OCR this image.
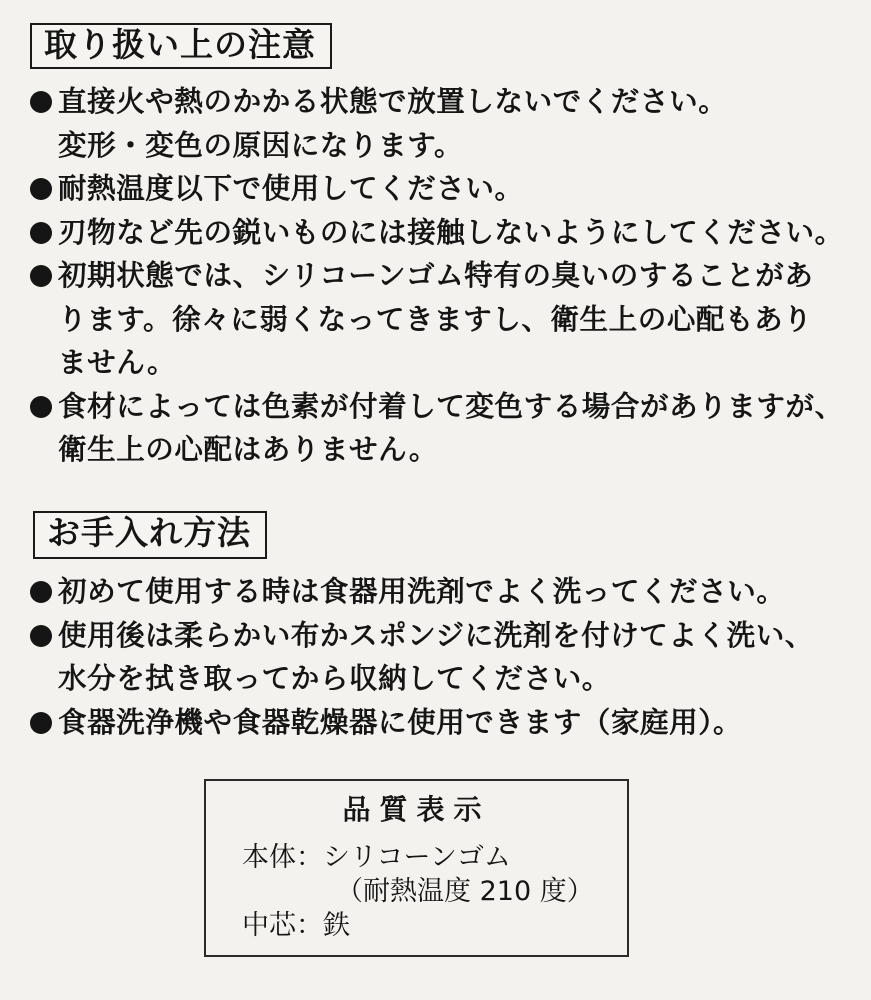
取り扱い上の注意
直接火や熱のかかる状態で放置しないでください。
変形・変色の原因になります。
耐熱温度以下で使用してください。
刃物など先の鋭いものには接触しないようにしてください。
初期状態では、シリコーンゴム特有の臭いのすることがあ
ります。徐々に弱くなってきますし、衛生上の心配もあり
ません。
食材によっては色素が付着して変色する場合がありますが、
衛生上の心配はありません。
お手入れ方法
初めて使用する時は食器用洗剤でよく洗ってください。
使用後は柔らかい布かスポンジに洗剤を付けてよく洗い、
水分を拭き取ってから収納してください。
食器洗浄機や食器乾燥器に使用できます（家庭用）。
品質表示
本体：シリコーンゴム
（耐熱温度 210 度）
中芯：鉄
